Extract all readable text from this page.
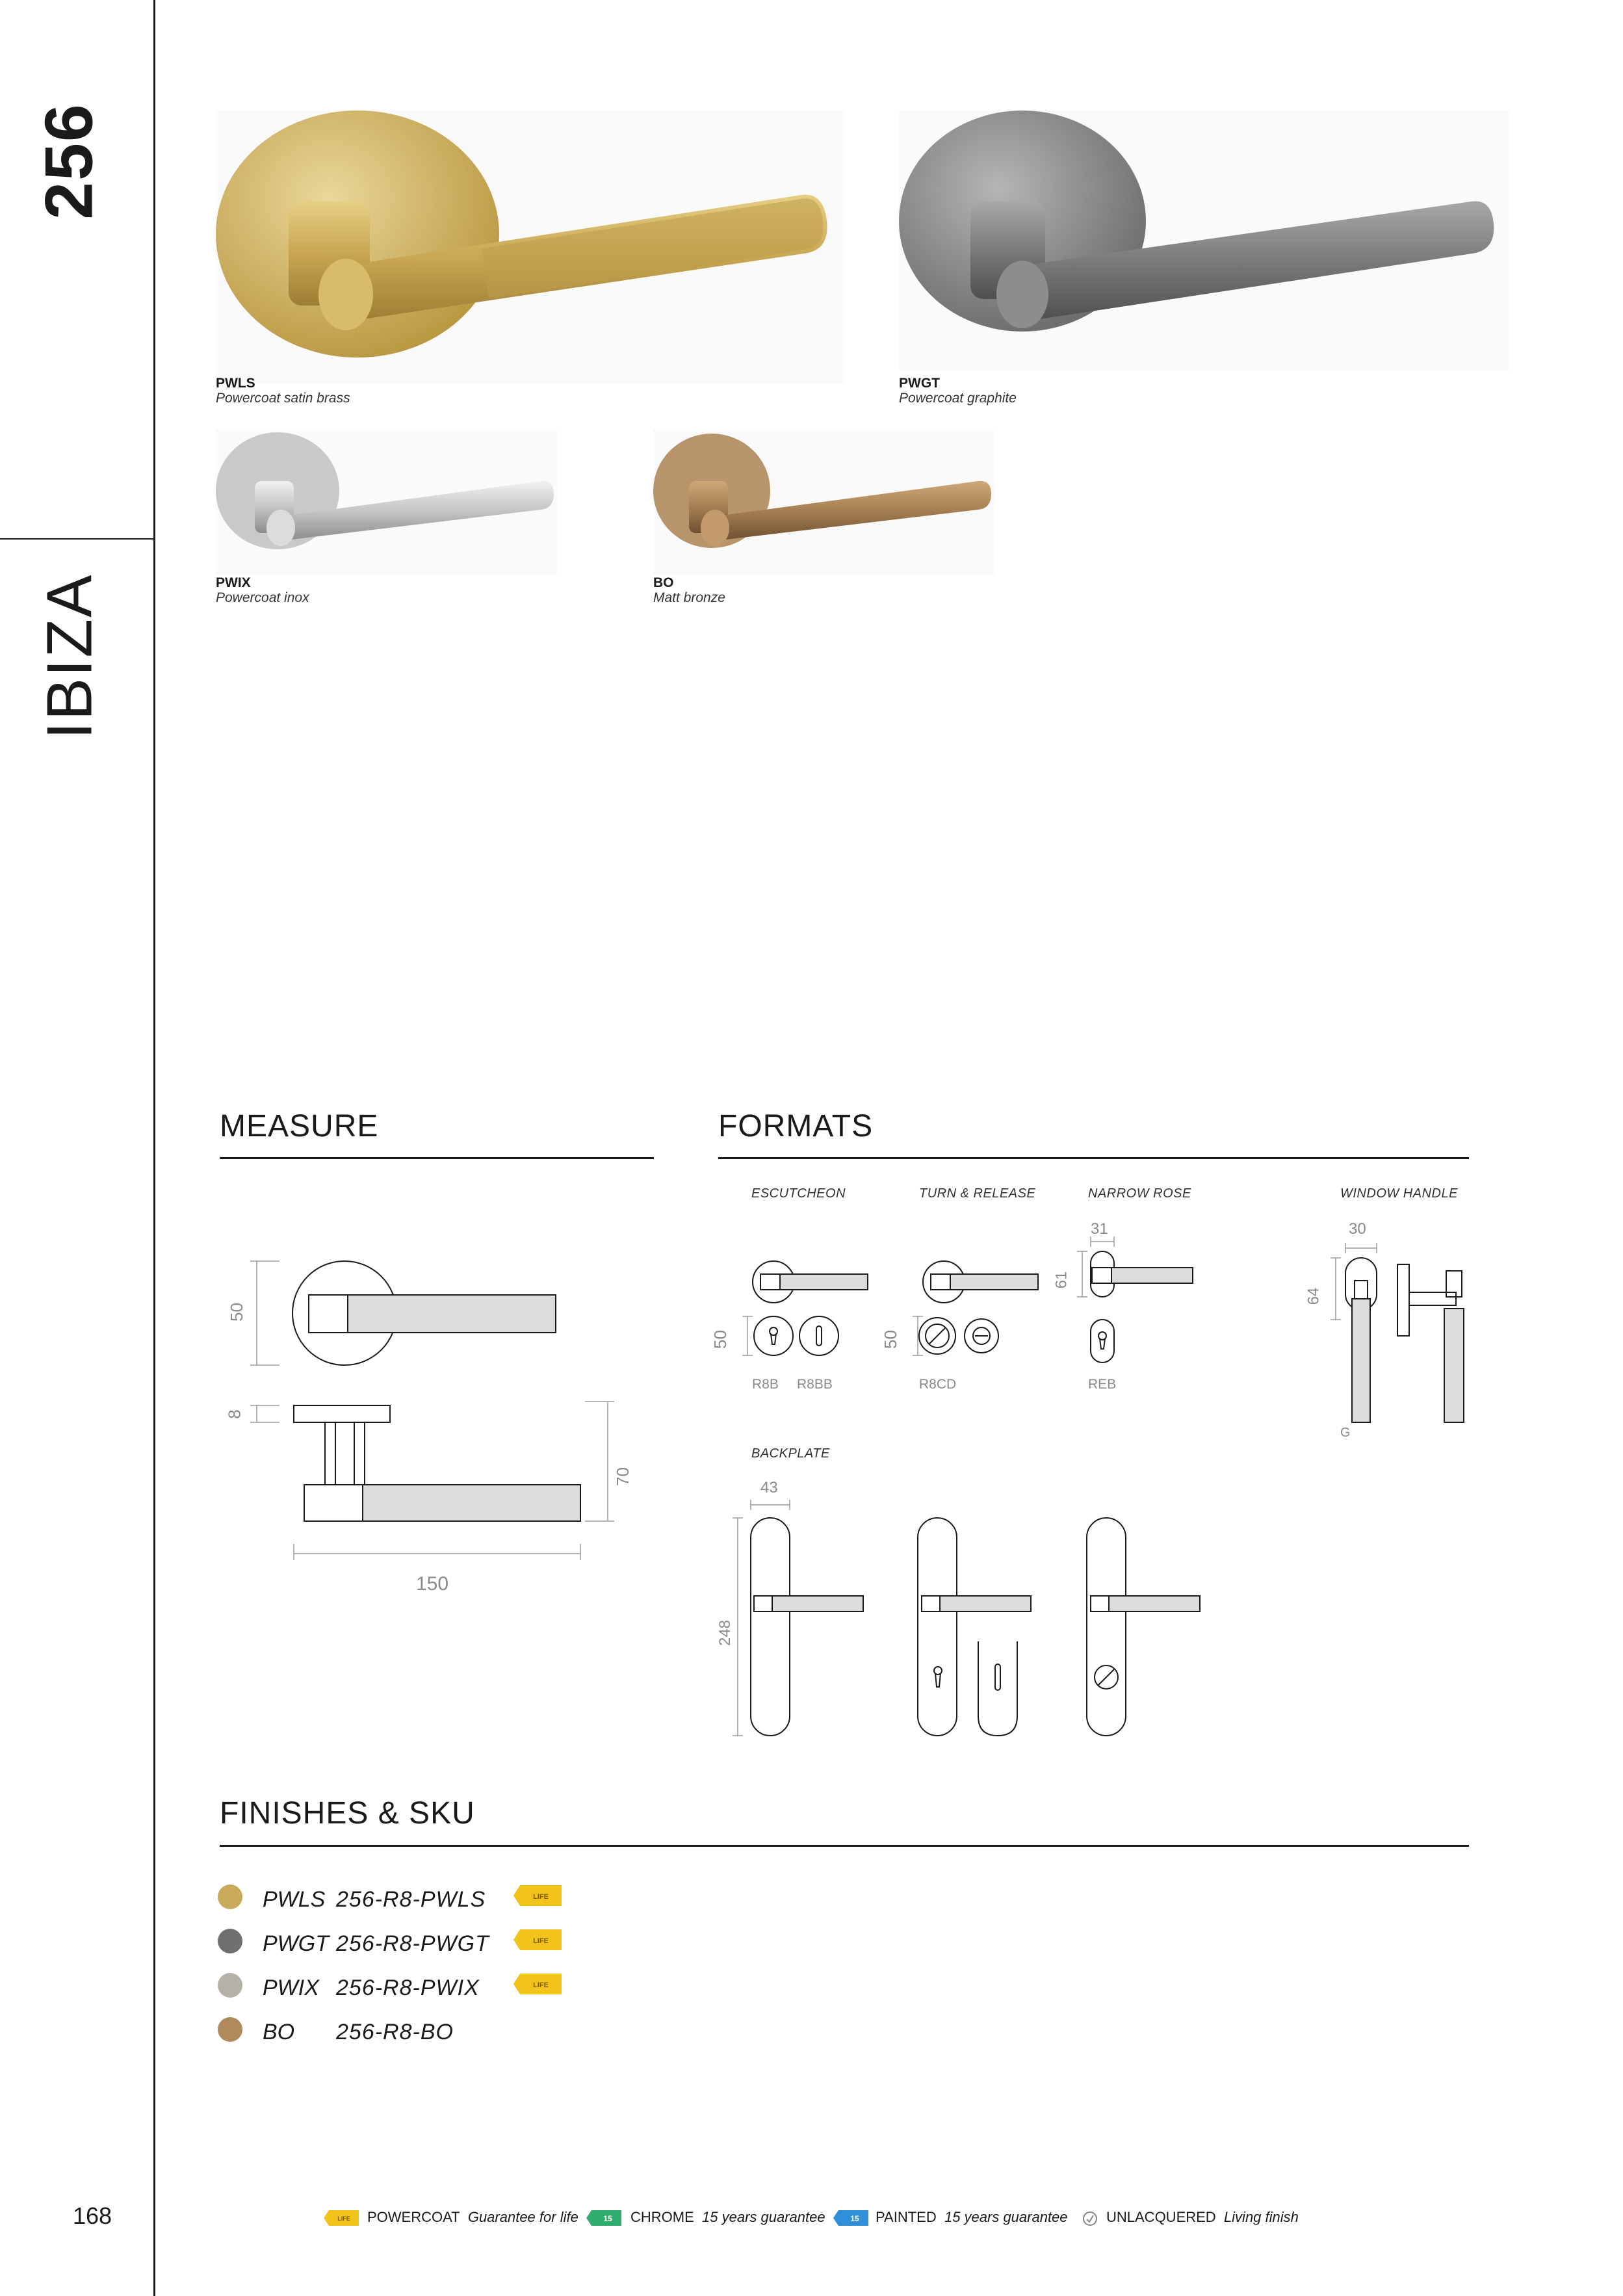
256
IBIZA
168
PWLS
Powercoat satin brass
PWGT
Powercoat graphite
PWIX
Powercoat inox
BO
Matt bronze
MEASURE
50
8
70
150
FORMATS
ESCUTCHEON	TURN & RELEASE	NARROW ROSE	WINDOW HANDLE
50
R8B R8BB
50
R8CD
31
61
REB
30
64
G
BACKPLATE
43
248
FINISHES & SKU
PWLS 256-R8-PWLS	LIFE
PWGT 256-R8-PWGT	LIFE
PWIX 256-R8-PWIX	LIFE
BO 256-R8-BO
LIFE POWERCOAT Guarantee for life	15 CHROME 15 years guarantee	15 PAINTED 15 years guarantee	UNLACQUERED Living finish
